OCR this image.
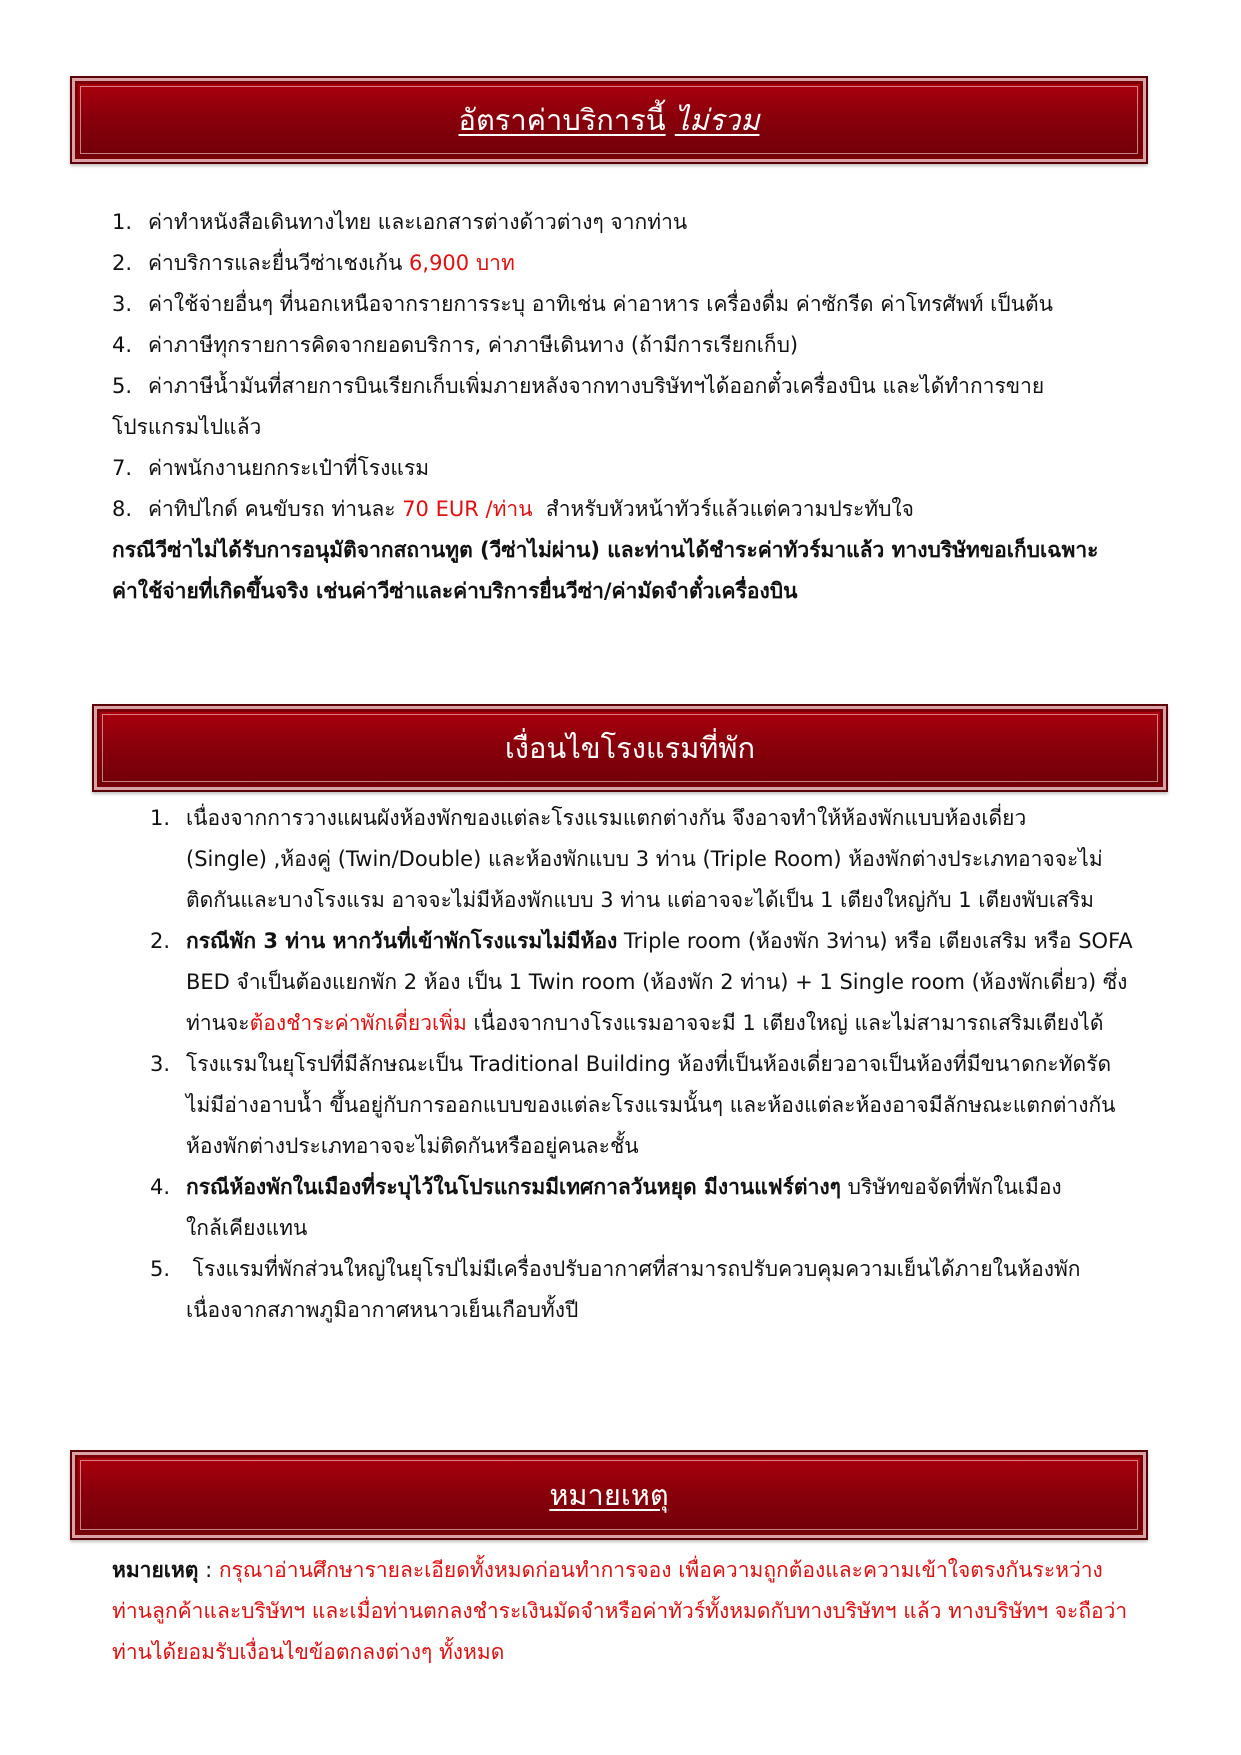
อัตราค่าบริการนี้ ไม่รวม
1. ค่าทำหนังสือเดินทางไทย และเอกสารต่างด้าวต่างๆ จากท่าน
2. ค่าบริการและยื่นวีซ่าเชงเก้น 6,900 บาท
3. ค่าใช้จ่ายอื่นๆ ที่นอกเหนือจากรายการระบุ อาทิเช่น ค่าอาหาร เครื่องดื่ม ค่าซักรีด ค่าโทรศัพท์ เป็นต้น
4. ค่าภาษีทุกรายการคิดจากยอดบริการ, ค่าภาษีเดินทาง (ถ้ามีการเรียกเก็บ)
5. ค่าภาษีน้ำมันที่สายการบินเรียกเก็บเพิ่มภายหลังจากทางบริษัทฯได้ออกตั๋วเครื่องบิน และได้ทำการขาย
โปรแกรมไปแล้ว
7. ค่าพนักงานยกกระเป๋าที่โรงแรม
8. ค่าทิปไกด์ คนขับรถ ท่านละ 70 EUR /ท่าน  สำหรับหัวหน้าทัวร์แล้วแต่ความประทับใจ
กรณีวีซ่าไม่ได้รับการอนุมัติจากสถานทูต (วีซ่าไม่ผ่าน) และท่านได้ชำระค่าทัวร์มาแล้ว ทางบริษัทขอเก็บเฉพาะ
ค่าใช้จ่ายที่เกิดขึ้นจริง เช่นค่าวีซ่าและค่าบริการยื่นวีซ่า/ค่ามัดจำตั๋วเครื่องบิน
เงื่อนไขโรงแรมที่พัก
1. เนื่องจากการวางแผนผังห้องพักของแต่ละโรงแรมแตกต่างกัน จึงอาจทำให้ห้องพักแบบห้องเดี่ยว
(Single) ,ห้องคู่ (Twin/Double) และห้องพักแบบ 3 ท่าน (Triple Room) ห้องพักต่างประเภทอาจจะไม่
ติดกันและบางโรงแรม อาจจะไม่มีห้องพักแบบ 3 ท่าน แต่อาจจะได้เป็น 1 เตียงใหญ่กับ 1 เตียงพับเสริม
2. กรณีพัก 3 ท่าน หากวันที่เข้าพักโรงแรมไม่มีห้อง Triple room (ห้องพัก 3ท่าน) หรือ เตียงเสริม หรือ SOFA
BED จำเป็นต้องแยกพัก 2 ห้อง เป็น 1 Twin room (ห้องพัก 2 ท่าน) + 1 Single room (ห้องพักเดี่ยว) ซึ่ง
ท่านจะต้องชำระค่าพักเดี่ยวเพิ่ม เนื่องจากบางโรงแรมอาจจะมี 1 เตียงใหญ่ และไม่สามารถเสริมเตียงได้
3. โรงแรมในยุโรปที่มีลักษณะเป็น Traditional Building ห้องที่เป็นห้องเดี่ยวอาจเป็นห้องที่มีขนาดกะทัดรัด
ไม่มีอ่างอาบน้ำ ขึ้นอยู่กับการออกแบบของแต่ละโรงแรมนั้นๆ และห้องแต่ละห้องอาจมีลักษณะแตกต่างกัน
ห้องพักต่างประเภทอาจจะไม่ติดกันหรืออยู่คนละชั้น
4. กรณีห้องพักในเมืองที่ระบุไว้ในโปรแกรมมีเทศกาลวันหยุด มีงานแฟร์ต่างๆ บริษัทขอจัดที่พักในเมือง
ใกล้เคียงแทน
5. โรงแรมที่พักส่วนใหญ่ในยุโรปไม่มีเครื่องปรับอากาศที่สามารถปรับควบคุมความเย็นได้ภายในห้องพัก
เนื่องจากสภาพภูมิอากาศหนาวเย็นเกือบทั้งปี
หมายเหตุ
หมายเหตุ : กรุณาอ่านศึกษารายละเอียดทั้งหมดก่อนทำการจอง เพื่อความถูกต้องและความเข้าใจตรงกันระหว่าง
ท่านลูกค้าและบริษัทฯ และเมื่อท่านตกลงชำระเงินมัดจำหรือค่าทัวร์ทั้งหมดกับทางบริษัทฯ แล้ว ทางบริษัทฯ จะถือว่า
ท่านได้ยอมรับเงื่อนไขข้อตกลงต่างๆ ทั้งหมด
